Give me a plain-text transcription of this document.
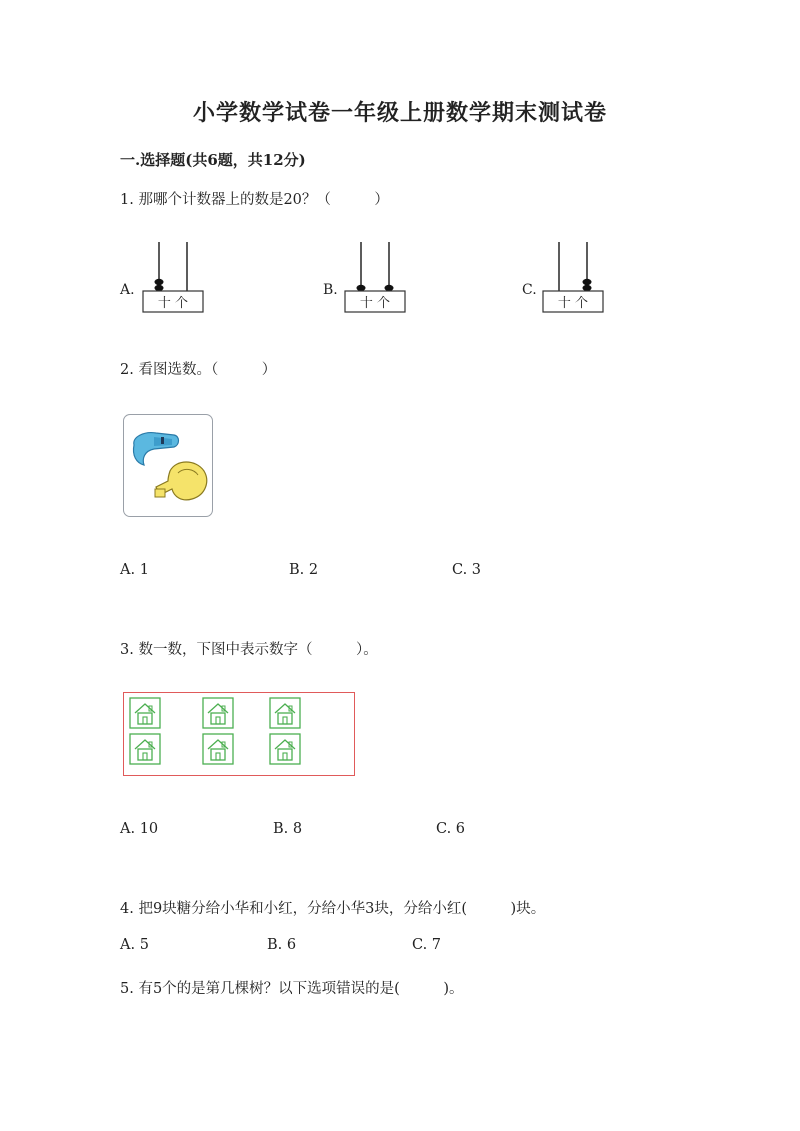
小学数学试卷一年级上册数学期末测试卷
一.选择题(共6题，共12分)
1. 那哪个计数器上的数是20？（　　　）
A.
十 个
B.
十 个
C.
十 个
2. 看图选数。（　　　）
A. 1	B. 2	C. 3
3. 数一数，下图中表示数字（　　　）。
A. 10	B. 8	C. 6
4. 把9块糖分给小华和小红，分给小华3块，分给小红(　　　)块。
A. 5	B. 6	C. 7
5. 有5个的是第几棵树？以下选项错误的是(　　　)。
